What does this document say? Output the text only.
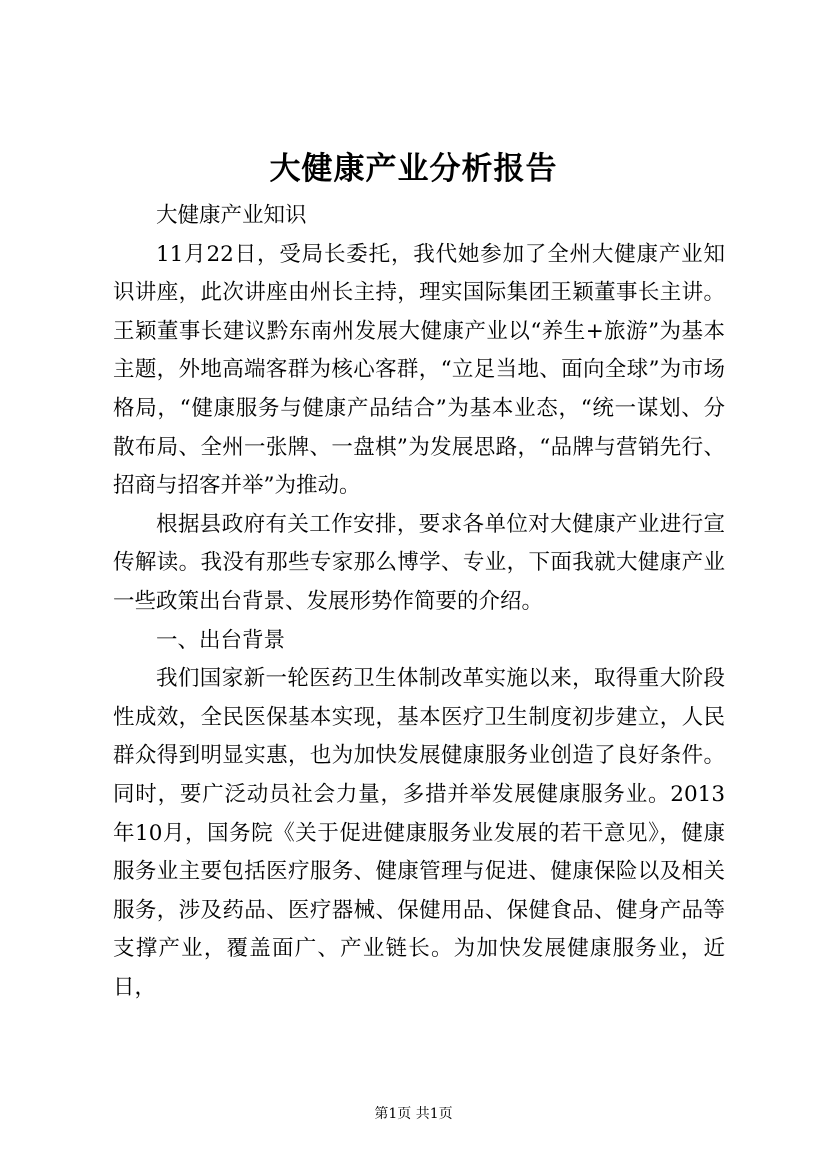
大健康产业分析报告

大健康产业知识

11月22日，受局长委托，我代她参加了全州大健康产业知识讲座，此次讲座由州长主持，理实国际集团王颖董事长主讲。王颖董事长建议黔东南州发展大健康产业以“养生+旅游”为基本主题，外地高端客群为核心客群，“立足当地、面向全球”为市场格局，“健康服务与健康产品结合”为基本业态，“统一谋划、分散布局、全州一张牌、一盘棋”为发展思路，“品牌与营销先行、招商与招客并举”为推动。

根据县政府有关工作安排，要求各单位对大健康产业进行宣传解读。我没有那些专家那么博学、专业，下面我就大健康产业一些政策出台背景、发展形势作简要的介绍。

一、出台背景

我们国家新一轮医药卫生体制改革实施以来，取得重大阶段性成效，全民医保基本实现，基本医疗卫生制度初步建立，人民群众得到明显实惠，也为加快发展健康服务业创造了良好条件。同时，要广泛动员社会力量，多措并举发展健康服务业。2013年10月，国务院《关于促进健康服务业发展的若干意见》，健康服务业主要包括医疗服务、健康管理与促进、健康保险以及相关服务，涉及药品、医疗器械、保健用品、保健食品、健身产品等支撑产业，覆盖面广、产业链长。为加快发展健康服务业，近日，

第1页 共1页
